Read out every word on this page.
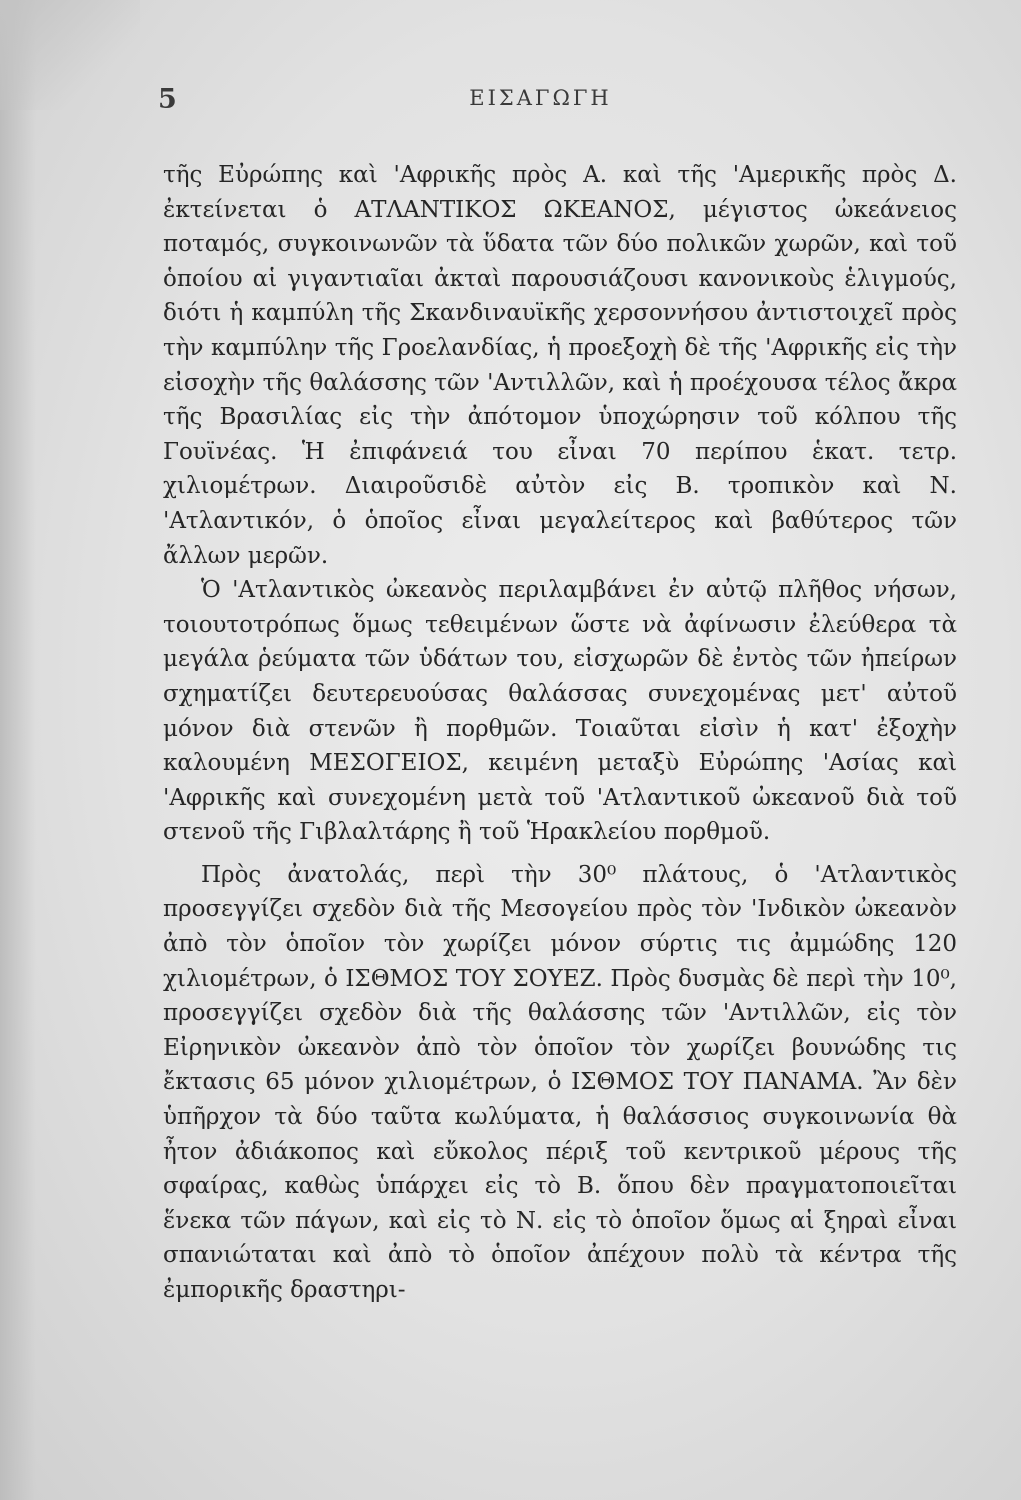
5	ΕΙΣΑΓΩΓΗ

τῆς Εὐρώπης καὶ 'Αφρικῆς πρὸς Α. καὶ τῆς 'Αμερικῆς πρὸς Δ. ἐκτείνεται ὁ ΑΤΛΑΝΤΙΚΟΣ ΩΚΕΑΝΟΣ, μέγιστος ὠκεάνειος ποταμός, συγκοινωνῶν τὰ ὕδατα τῶν δύο πολικῶν χωρῶν, καὶ τοῦ ὁποίου αἱ γιγαντιαῖαι ἀκταὶ παρουσιάζουσι κανονικοὺς ἑλιγμούς, διότι ἡ καμπύλη τῆς Σκανδιναυϊκῆς χερσοννήσου ἀντιστοιχεῖ πρὸς τὴν καμπύλην τῆς Γροελανδίας, ἡ προεξοχὴ δὲ τῆς 'Αφρικῆς εἰς τὴν εἰσοχὴν τῆς θαλάσσης τῶν 'Αντιλλῶν, καὶ ἡ προέχουσα τέλος ἄκρα τῆς Βρασιλίας εἰς τὴν ἀπότομον ὑποχώρησιν τοῦ κόλπου τῆς Γουϊνέας. Ἡ ἐπιφάνειά του εἶναι 70 περίπου ἑκατ. τετρ. χιλιομέτρων. Διαιροῦσιδὲ αὐτὸν εἰς Β. τροπικὸν καὶ Ν. 'Ατλαντικόν, ὁ ὁποῖος εἶναι μεγαλείτερος καὶ βαθύτερος τῶν ἄλλων μερῶν.

Ὁ 'Ατλαντικὸς ὠκεανὸς περιλαμβάνει ἐν αὐτῷ πλῆθος νήσων, τοιουτοτρόπως ὅμως τεθειμένων ὥστε νὰ ἀφίνωσιν ἐλεύθερα τὰ μεγάλα ῥεύματα τῶν ὑδάτων του, εἰσχωρῶν δὲ ἐντὸς τῶν ἠπείρων σχηματίζει δευτερευούσας θαλάσσας συνεχομένας μετ' αὐτοῦ μόνον διὰ στενῶν ἢ πορθμῶν. Τοιαῦται εἰσὶν ἡ κατ' ἐξοχὴν καλουμένη ΜΕΣΟΓΕΙΟΣ, κειμένη μεταξὺ Εὐρώπης 'Ασίας καὶ 'Αφρικῆς καὶ συνεχομένη μετὰ τοῦ 'Ατλαντικοῦ ὠκεανοῦ διὰ τοῦ στενοῦ τῆς Γιβλαλτάρης ἢ τοῦ Ἡρακλείου πορθμοῦ.

Πρὸς ἀνατολάς, περὶ τὴν 30⁰ πλάτους, ὁ 'Ατλαντικὸς προσεγγίζει σχεδὸν διὰ τῆς Μεσογείου πρὸς τὸν 'Ινδικὸν ὠκεανὸν ἀπὸ τὸν ὁποῖον τὸν χωρίζει μόνον σύρτις τις ἀμμώδης 120 χιλιομέτρων, ὁ ΙΣΘΜΟΣ ΤΟΥ ΣΟΥΕΖ. Πρὸς δυσμὰς δὲ περὶ τὴν 10⁰, προσεγγίζει σχεδὸν διὰ τῆς θαλάσσης τῶν 'Αντιλλῶν, εἰς τὸν Εἰρηνικὸν ὠκεανὸν ἀπὸ τὸν ὁποῖον τὸν χωρίζει βουνώδης τις ἔκτασις 65 μόνον χιλιομέτρων, ὁ ΙΣΘΜΟΣ ΤΟΥ ΠΑΝΑΜΑ. Ἂν δὲν ὑπῆρχον τὰ δύο ταῦτα κωλύματα, ἡ θαλάσσιος συγκοινωνία θὰ ἦτον ἀδιάκοπος καὶ εὔκολος πέριξ τοῦ κεντρικοῦ μέρους τῆς σφαίρας, καθὼς ὑπάρχει εἰς τὸ Β. ὅπου δὲν πραγματοποιεῖται ἕνεκα τῶν πάγων, καὶ εἰς τὸ Ν. εἰς τὸ ὁποῖον ὅμως αἱ ξηραὶ εἶναι σπανιώταται καὶ ἀπὸ τὸ ὁποῖον ἀπέχουν πολὺ τὰ κέντρα τῆς ἐμπορικῆς δραστηρι-
